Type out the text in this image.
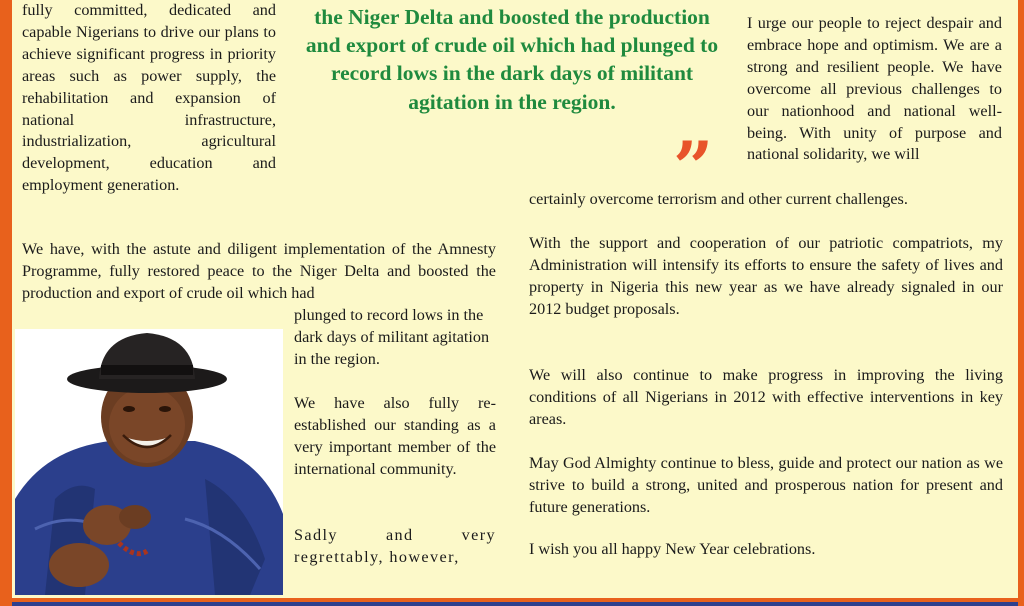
fully committed, dedicated and capable Nigerians to drive our plans to achieve significant progress in priority areas such as power supply, the rehabilitation and expansion of national infrastructure, industrialization, agricultural development, education and employment generation.

the Niger Delta and boosted the production and export of crude oil which had plunged to record lows in the dark days of militant agitation in the region.

”

I urge our people to reject despair and embrace hope and optimism. We are a strong and resilient people. We have overcome all previous challenges to our nationhood and national well-being. With unity of purpose and national solidarity, we will

certainly overcome terrorism and other current challenges.

We have, with the astute and diligent implementation of the Amnesty Programme, fully restored peace to the Niger Delta and boosted the production and export of crude oil which had

plunged to record lows in the dark days of militant agitation in the region.

We have also fully re-established our standing as a very important member of the international community.

Sadly and very regrettably, however,

With the support and cooperation of our patriotic compatriots, my Administration will intensify its efforts to ensure the safety of lives and property in Nigeria this new year as we have already signaled in our 2012 budget proposals.

We will also continue to make progress in improving the living conditions of all Nigerians in 2012 with effective interventions in key areas.

May God Almighty continue to bless, guide and protect our nation as we strive to build a strong, united and prosperous nation for present and future generations.

I wish you all happy New Year celebrations.
